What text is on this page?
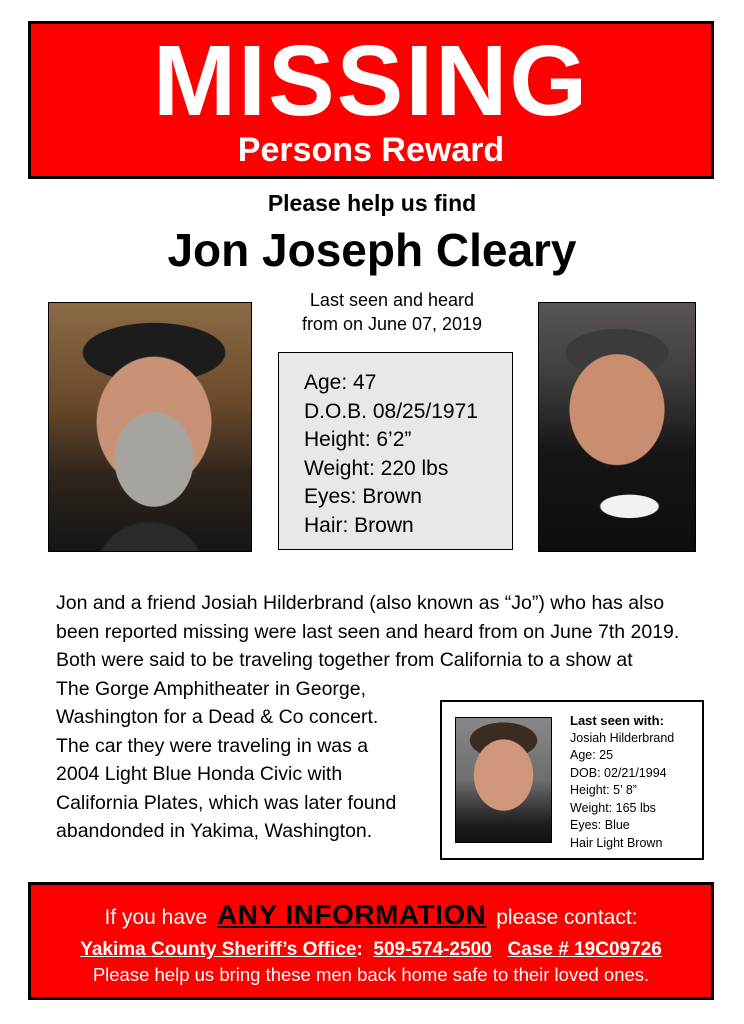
MISSING
Persons Reward
Please help us find
Jon Joseph Cleary
Last seen and heard
from on June 07, 2019
Age: 47
D.O.B. 08/25/1971
Height: 6’2”
Weight: 220 lbs
Eyes: Brown
Hair: Brown
Jon and a friend Josiah Hilderbrand (also known as “Jo”) who has also
been reported missing were last seen and heard from on June 7th 2019.
Both were said to be traveling together from California to a show at
The Gorge Amphitheater in George,
Washington for a Dead & Co concert.
The car they were traveling in was a
2004 Light Blue Honda Civic with
California Plates, which was later found
abandonded in Yakima, Washington.
Last seen with:
Josiah Hilderbrand
Age: 25
DOB: 02/21/1994
Height: 5’ 8”
Weight: 165 lbs
Eyes: Blue
Hair Light Brown
If you have ANY INFORMATION please contact:
Yakima County Sheriff’s Office: 509-574-2500 Case # 19C09726
Please help us bring these men back home safe to their loved ones.
